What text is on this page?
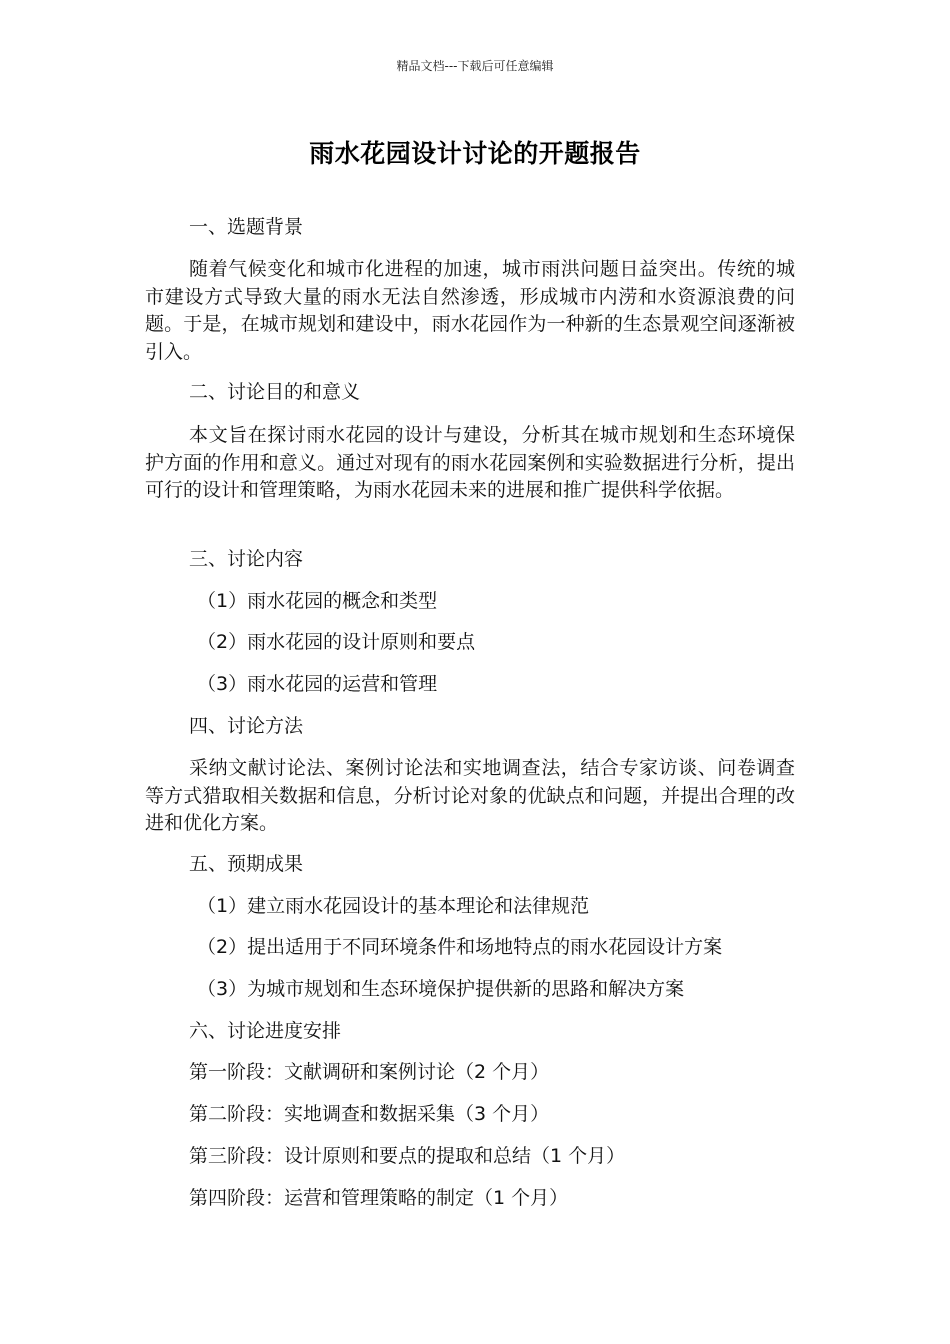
精品文档---下载后可任意编辑
雨水花园设计讨论的开题报告
一、选题背景
随着气候变化和城市化进程的加速，城市雨洪问题日益突出。传统的城市建设方式导致大量的雨水无法自然渗透，形成城市内涝和水资源浪费的问题。于是，在城市规划和建设中，雨水花园作为一种新的生态景观空间逐渐被引入。
二、讨论目的和意义
本文旨在探讨雨水花园的设计与建设，分析其在城市规划和生态环境保护方面的作用和意义。通过对现有的雨水花园案例和实验数据进行分析，提出可行的设计和管理策略，为雨水花园未来的进展和推广提供科学依据。
三、讨论内容
（1）雨水花园的概念和类型
（2）雨水花园的设计原则和要点
（3）雨水花园的运营和管理
四、讨论方法
采纳文献讨论法、案例讨论法和实地调查法，结合专家访谈、问卷调查等方式猎取相关数据和信息，分析讨论对象的优缺点和问题，并提出合理的改进和优化方案。
五、预期成果
（1）建立雨水花园设计的基本理论和法律规范
（2）提出适用于不同环境条件和场地特点的雨水花园设计方案
（3）为城市规划和生态环境保护提供新的思路和解决方案
六、讨论进度安排
第一阶段：文献调研和案例讨论（2 个月）
第二阶段：实地调查和数据采集（3 个月）
第三阶段：设计原则和要点的提取和总结（1 个月）
第四阶段：运营和管理策略的制定（1 个月）
